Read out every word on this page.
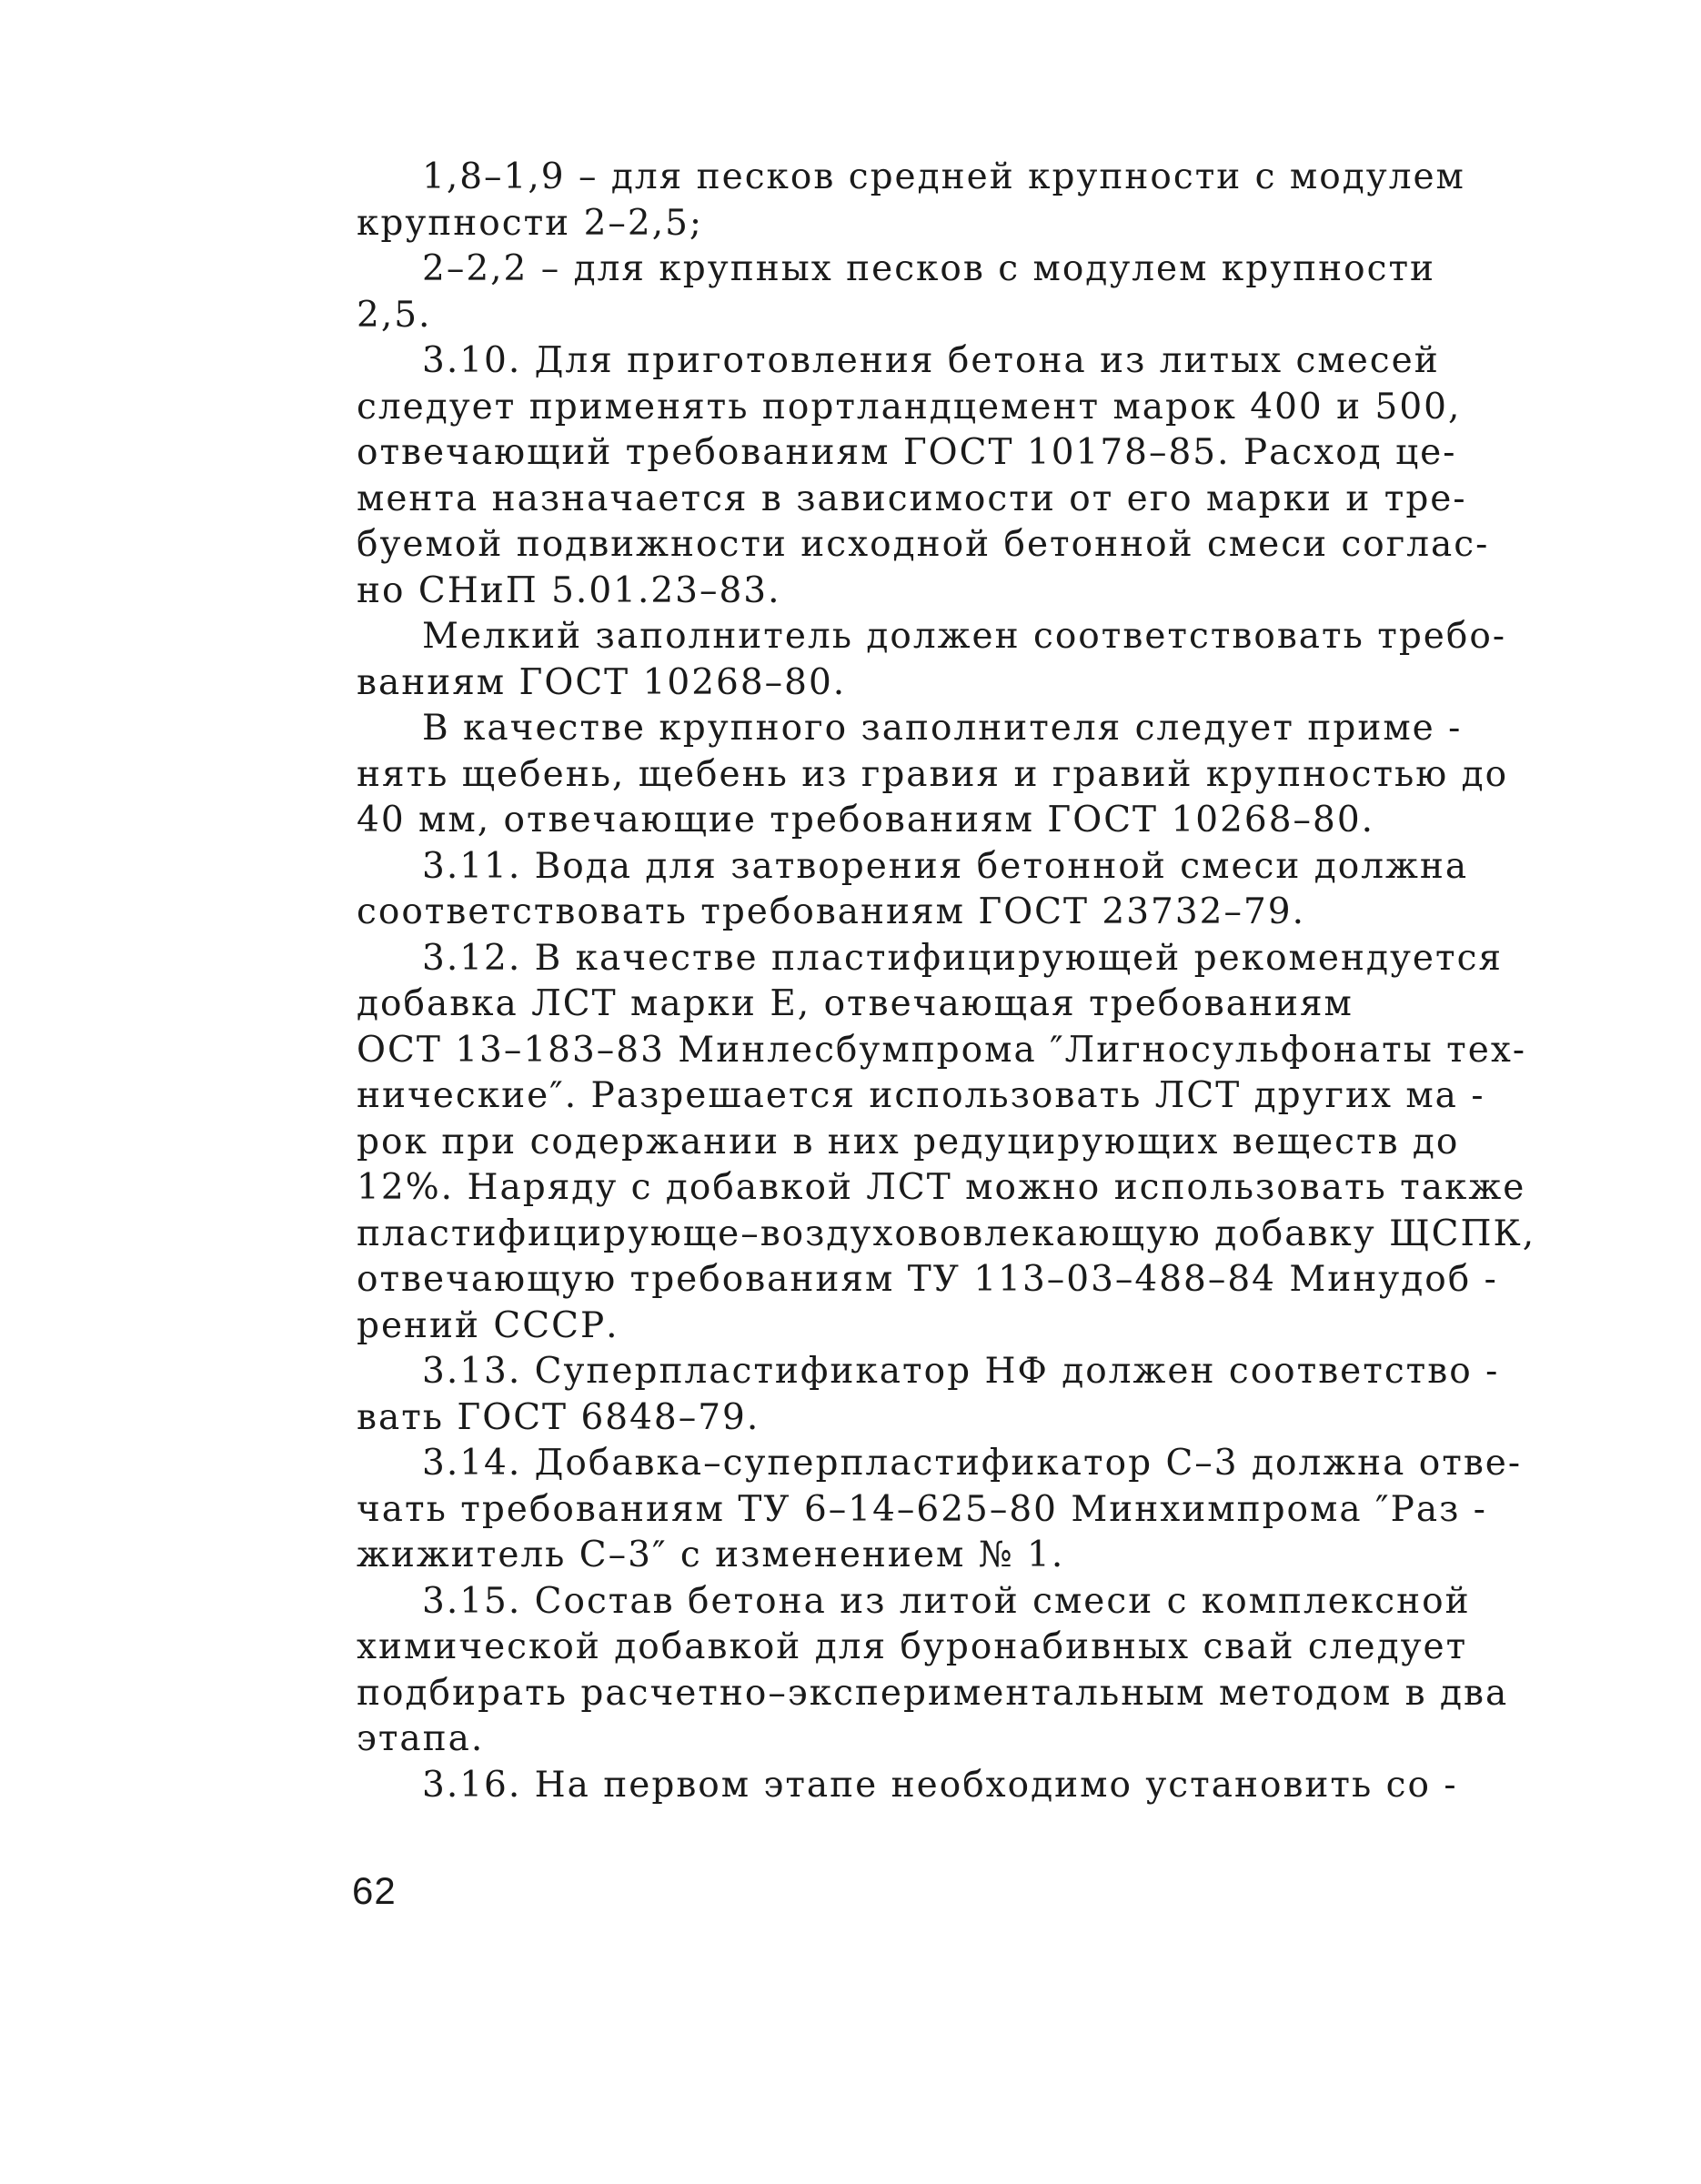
1,8–1,9 – для песков средней крупности с модулем
крупности 2–2,5;
2–2,2 – для крупных песков с модулем крупности
2,5.
3.10. Для приготовления бетона из литых смесей
следует применять портландцемент марок 400 и 500,
отвечающий требованиям ГОСТ 10178–85. Расход це-
мента назначается в зависимости от его марки и тре-
буемой подвижности исходной бетонной смеси соглас-
но СНиП 5.01.23–83.
Мелкий заполнитель должен соответствовать требо-
ваниям ГОСТ 10268–80.
В качестве крупного заполнителя следует приме -
нять щебень, щебень из гравия и гравий крупностью до
40 мм, отвечающие требованиям ГОСТ 10268–80.
3.11. Вода для затворения бетонной смеси должна
соответствовать требованиям ГОСТ 23732–79.
3.12. В качестве пластифицирующей рекомендуется
добавка ЛСТ марки Е, отвечающая требованиям
ОСТ 13–183–83 Минлесбумпрома ″Лигносульфонаты тех-
нические″. Разрешается использовать ЛСТ других ма -
рок при содержании в них редуцирующих веществ до
12%. Наряду с добавкой ЛСТ можно использовать также
пластифицирующе–воздухововлекающую добавку ЩСПК,
отвечающую требованиям ТУ 113–03–488–84 Минудоб -
рений СССР.
3.13. Суперпластификатор НФ должен соответство -
вать ГОСТ 6848–79.
3.14. Добавка–суперпластификатор С–3 должна отве-
чать требованиям ТУ 6–14–625–80 Минхимпрома ″Раз -
жижитель С–3″ с изменением № 1.
3.15. Состав бетона из литой смеси с комплексной
химической добавкой для буронабивных свай следует
подбирать расчетно–экспериментальным методом в два
этапа.
3.16. На первом этапе необходимо установить со -
62
